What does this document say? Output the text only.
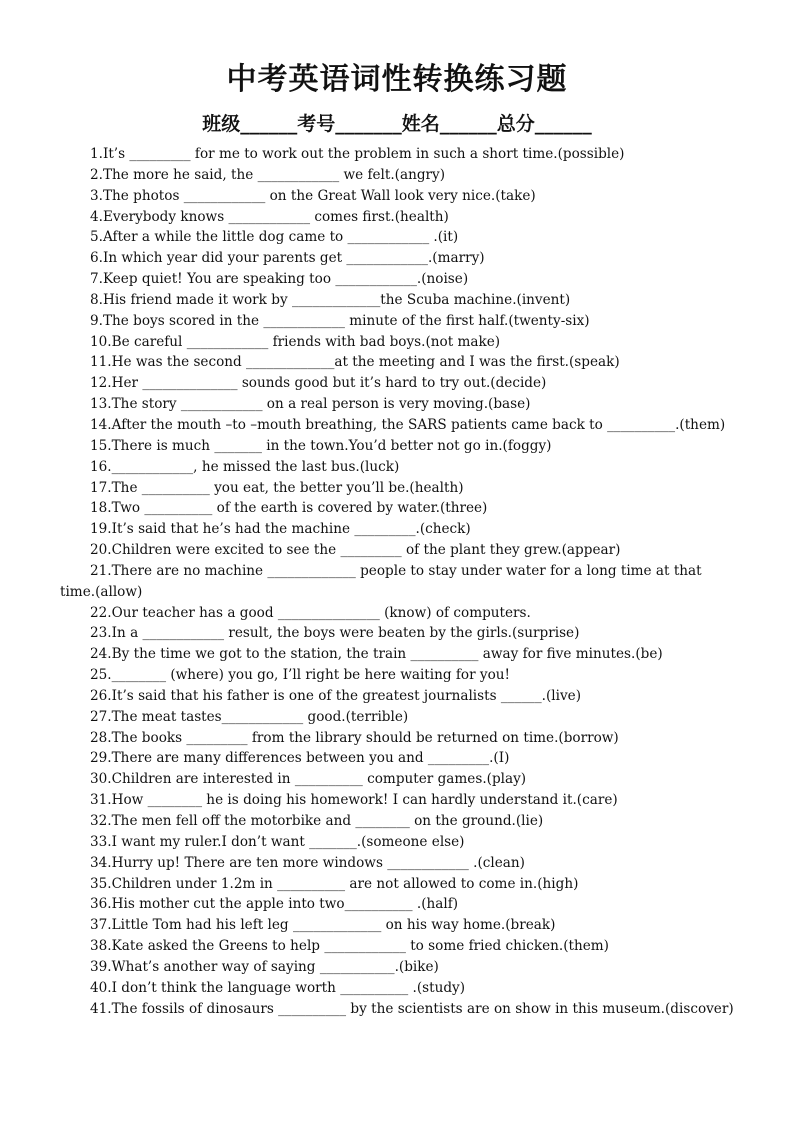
中考英语词性转换练习题
班级______考号_______姓名______总分______
1.It’s _________ for me to work out the problem in such a short time.(possible)
2.The more he said, the ____________ we felt.(angry)
3.The photos ____________ on the Great Wall look very nice.(take)
4.Everybody knows ____________ comes first.(health)
5.After a while the little dog came to ____________ .(it)
6.In which year did your parents get ____________.(marry)
7.Keep quiet! You are speaking too ____________.(noise)
8.His friend made it work by _____________the Scuba machine.(invent)
9.The boys scored in the ____________ minute of the first half.(twenty-six)
10.Be careful ____________ friends with bad boys.(not make)
11.He was the second _____________at the meeting and I was the first.(speak)
12.Her ______________ sounds good but it’s hard to try out.(decide)
13.The story ____________ on a real person is very moving.(base)
14.After the mouth –to –mouth breathing, the SARS patients came back to __________.(them)
15.There is much _______ in the town.You’d better not go in.(foggy)
16.____________, he missed the last bus.(luck)
17.The __________ you eat, the better you’ll be.(health)
18.Two __________ of the earth is covered by water.(three)
19.It’s said that he’s had the machine _________.(check)
20.Children were excited to see the _________ of the plant they grew.(appear)
21.There are no machine _____________ people to stay under water for a long time at that time.(allow)
22.Our teacher has a good _______________ (know) of computers.
23.In a ____________ result, the boys were beaten by the girls.(surprise)
24.By the time we got to the station, the train __________ away for five minutes.(be)
25.________ (where) you go, I’ll right be here waiting for you!
26.It’s said that his father is one of the greatest journalists ______.(live)
27.The meat tastes____________ good.(terrible)
28.The books _________ from the library should be returned on time.(borrow)
29.There are many differences between you and _________.(I)
30.Children are interested in __________ computer games.(play)
31.How ________ he is doing his homework! I can hardly understand it.(care)
32.The men fell off the motorbike and ________ on the ground.(lie)
33.I want my ruler.I don’t want _______.(someone else)
34.Hurry up! There are ten more windows ____________ .(clean)
35.Children under 1.2m in __________ are not allowed to come in.(high)
36.His mother cut the apple into two__________ .(half)
37.Little Tom had his left leg _____________ on his way home.(break)
38.Kate asked the Greens to help ____________ to some fried chicken.(them)
39.What’s another way of saying ___________.(bike)
40.I don’t think the language worth __________ .(study)
41.The fossils of dinosaurs __________ by the scientists are on show in this museum.(discover)
